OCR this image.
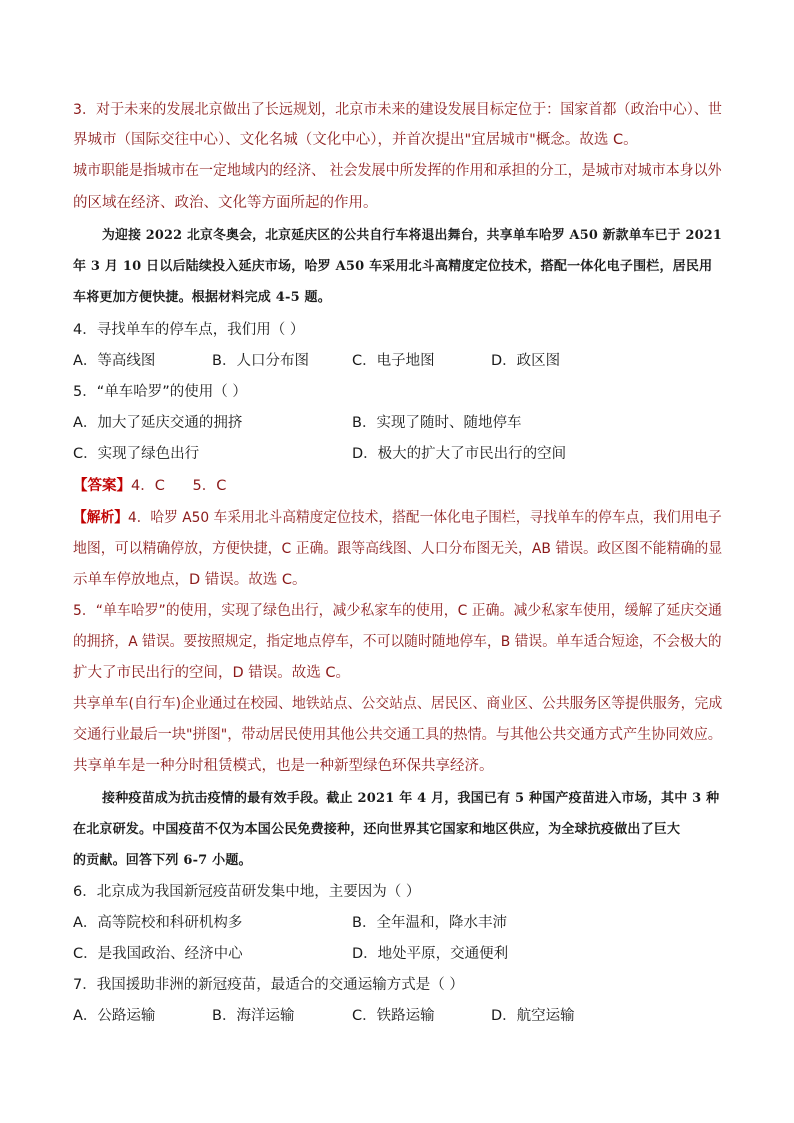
3．对于未来的发展北京做出了长远规划，北京市未来的建设发展目标定位于：国家首都（政治中心）、世
界城市（国际交往中心）、文化名城（文化中心），并首次提出"宜居城市"概念。故选 C。
城市职能是指城市在一定地域内的经济、 社会发展中所发挥的作用和承担的分工，是城市对城市本身以外
的区域在经济、政治、文化等方面所起的作用。
为迎接 2022 北京冬奥会，北京延庆区的公共自行车将退出舞台，共享单车哈罗 A50 新款单车已于 2021
年 3 月 10 日以后陆续投入延庆市场，哈罗 A50 车采用北斗高精度定位技术，搭配一体化电子围栏，居民用
车将更加方便快捷。根据材料完成 4-5 题。
4．寻找单车的停车点，我们用（ ）
A．等高线图	B．人口分布图	C．电子地图	D．政区图
5．“单车哈罗”的使用（ ）
A．加大了延庆交通的拥挤	B．实现了随时、随地停车
C．实现了绿色出行	D．极大的扩大了市民出行的空间
【答案】4．C      5．C
【解析】4．哈罗 A50 车采用北斗高精度定位技术，搭配一体化电子围栏，寻找单车的停车点，我们用电子
地图，可以精确停放，方便快捷，C 正确。跟等高线图、人口分布图无关，AB 错误。政区图不能精确的显
示单车停放地点，D 错误。故选 C。
5．“单车哈罗”的使用，实现了绿色出行，减少私家车的使用，C 正确。减少私家车使用，缓解了延庆交通
的拥挤，A 错误。要按照规定，指定地点停车，不可以随时随地停车，B 错误。单车适合短途，不会极大的
扩大了市民出行的空间，D 错误。故选 C。
共享单车(自行车)企业通过在校园、地铁站点、公交站点、居民区、商业区、公共服务区等提供服务，完成
交通行业最后一块"拼图"，带动居民使用其他公共交通工具的热情。与其他公共交通方式产生协同效应。
共享单车是一种分时租赁模式，也是一种新型绿色环保共享经济。
接种疫苗成为抗击疫情的最有效手段。截止 2021 年 4 月，我国已有 5 种国产疫苗进入市场，其中 3 种
在北京研发。中国疫苗不仅为本国公民免费接种，还向世界其它国家和地区供应，为全球抗疫做出了巨大
的贡献。回答下列 6-7 小题。
6．北京成为我国新冠疫苗研发集中地，主要因为（ ）
A．高等院校和科研机构多	B．全年温和，降水丰沛
C．是我国政治、经济中心	D．地处平原，交通便利
7．我国援助非洲的新冠疫苗，最适合的交通运输方式是（ ）
A．公路运输	B．海洋运输	C．铁路运输	D．航空运输
